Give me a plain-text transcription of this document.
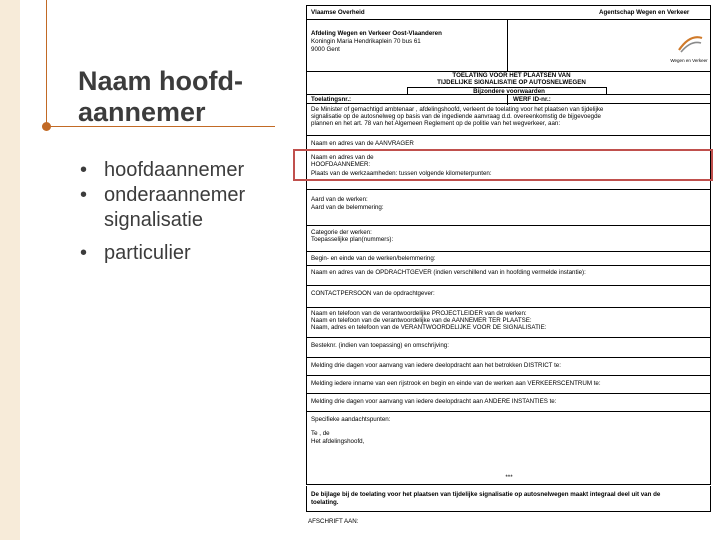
Naam hoofd-aannemer
• hoofdaannemer
• onderaannemer signalisatie
• particulier
Vlaamse Overheid	Agentschap Wegen en Verkeer
Afdeling Wegen en Verkeer Oost-Vlaanderen
Koningin Maria Hendrikaplein 70 bus 61
9000 Gent
Wegen en Verkeer
TOELATING VOOR HET PLAATSEN VAN
TIJDELIJKE SIGNALISATIE OP AUTOSNELWEGEN
Bijzondere voorwaarden
Toelatingsnr.:	WERF ID-nr.:
De Minister of gemachtigd ambtenaar , afdelingshoofd, verleent de toelating voor het plaatsen van tijdelijke
signalisatie op de autosnelweg op basis van de ingediende aanvraag d.d. overeenkomstig de bijgevoegde
plannen en het art. 78 van het Algemeen Reglement op de politie van het wegverkeer, aan:
Naam en adres van de AANVRAGER
Naam en adres van de
HOOFDAANNEMER:
Plaats van de werkzaamheden: tussen volgende kilometerpunten:
Aard van de werken:
Aard van de belemmering:
Categorie der werken:
Toepasselijke plan(nummers):
Begin- en einde van de werken/belemmering:
Naam en adres van de OPDRACHTGEVER (indien verschillend van in hoofding vermelde instantie):
CONTACTPERSOON van de opdrachtgever:
Naam en telefoon van de verantwoordelijke PROJECTLEIDER van de werken:
Naam en telefoon van de verantwoordelijke van de AANNEMER TER PLAATSE:
Naam, adres en telefoon van de VERANTWOORDELIJKE VOOR DE SIGNALISATIE:
Besteknr. (indien van toepassing) en omschrijving:
Melding drie dagen voor aanvang van iedere deelopdracht aan het betrokken DISTRICT te:
Melding iedere inname van een rijstrook en begin en einde van de werken aan VERKEERSCENTRUM te:
Melding drie dagen voor aanvang van iedere deelopdracht aan ANDERE INSTANTIES te:
Specifieke aandachtspunten:
Te , de
Het afdelingshoofd,
***
De bijlage bij de toelating voor het plaatsen van tijdelijke signalisatie op autosnelwegen maakt integraal deel uit van de
toelating.
AFSCHRIFT AAN:
